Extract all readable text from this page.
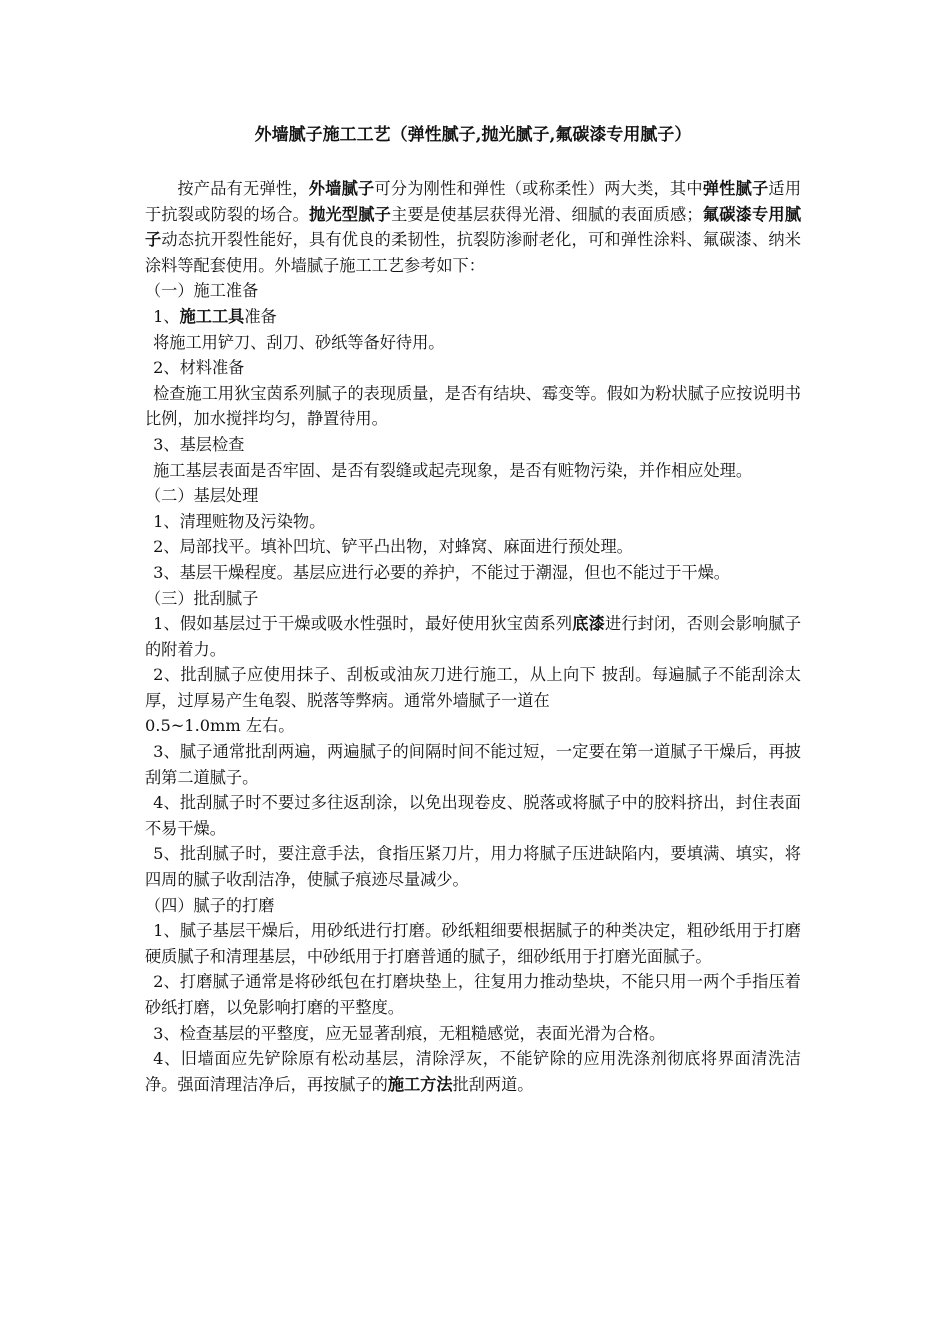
外墙腻子施工工艺（弹性腻子,抛光腻子,氟碳漆专用腻子）

按产品有无弹性，外墙腻子可分为刚性和弹性（或称柔性）两大类，其中弹性腻子适用于抗裂或防裂的场合。抛光型腻子主要是使基层获得光滑、细腻的表面质感；氟碳漆专用腻子动态抗开裂性能好，具有优良的柔韧性，抗裂防渗耐老化，可和弹性涂料、氟碳漆、纳米涂料等配套使用。外墙腻子施工工艺参考如下：

（一）施工准备

1、施工工具准备

将施工用铲刀、刮刀、砂纸等备好待用。

2、材料准备

检查施工用狄宝茵系列腻子的表现质量，是否有结块、霉变等。假如为粉状腻子应按说明书比例，加水搅拌均匀，静置待用。

3、基层检查

施工基层表面是否牢固、是否有裂缝或起壳现象，是否有赃物污染，并作相应处理。

（二）基层处理

1、清理赃物及污染物。

2、局部找平。填补凹坑、铲平凸出物，对蜂窝、麻面进行预处理。

3、基层干燥程度。基层应进行必要的养护，不能过于潮湿，但也不能过于干燥。

（三）批刮腻子

1、假如基层过于干燥或吸水性强时，最好使用狄宝茵系列底漆进行封闭，否则会影响腻子的附着力。

2、批刮腻子应使用抹子、刮板或油灰刀进行施工，从上向下 披刮。每遍腻子不能刮涂太厚，过厚易产生龟裂、脱落等弊病。通常外墙腻子一道在
0.5~1.0mm 左右。

3、腻子通常批刮两遍，两遍腻子的间隔时间不能过短，一定要在第一道腻子干燥后，再披刮第二道腻子。

4、批刮腻子时不要过多往返刮涂，以免出现卷皮、脱落或将腻子中的胶料挤出，封住表面不易干燥。

5、批刮腻子时，要注意手法，食指压紧刀片，用力将腻子压进缺陷内，要填满、填实，将四周的腻子收刮洁净，使腻子痕迹尽量减少。

（四）腻子的打磨

1、腻子基层干燥后，用砂纸进行打磨。砂纸粗细要根据腻子的种类决定，粗砂纸用于打磨硬质腻子和清理基层，中砂纸用于打磨普通的腻子，细砂纸用于打磨光面腻子。

2、打磨腻子通常是将砂纸包在打磨块垫上，往复用力推动垫块，不能只用一两个手指压着砂纸打磨，以免影响打磨的平整度。

3、检查基层的平整度，应无显著刮痕，无粗糙感觉，表面光滑为合格。

4、旧墙面应先铲除原有松动基层，清除浮灰，不能铲除的应用洗涤剂彻底将界面清洗洁净。强面清理洁净后，再按腻子的施工方法批刮两道。
